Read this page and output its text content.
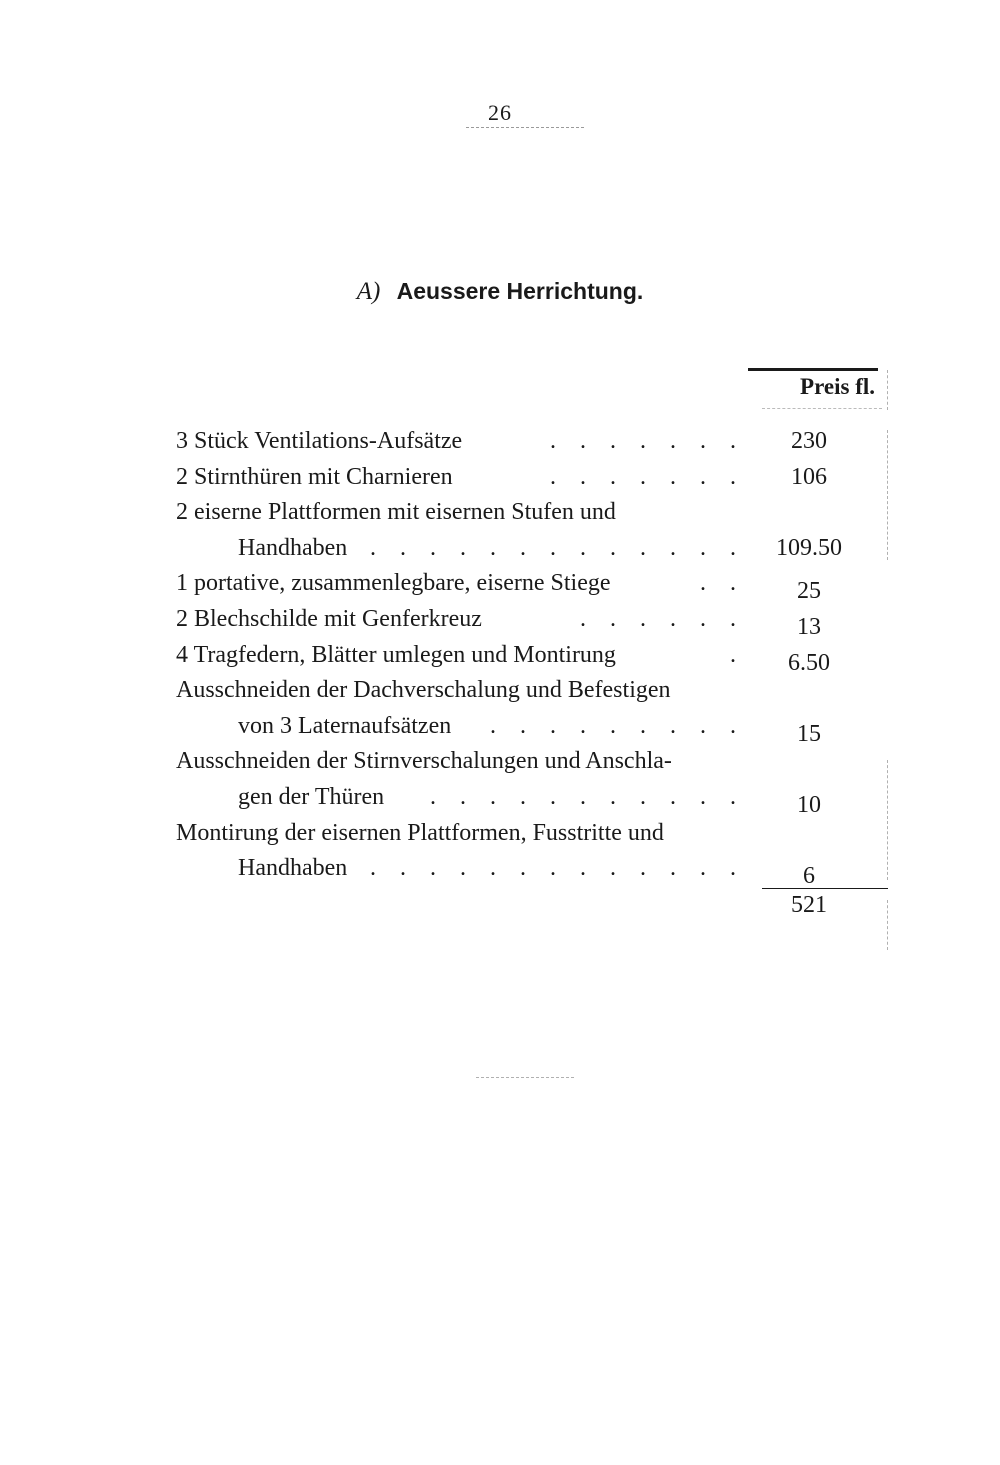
26
A) Aeussere Herrichtung.
Preis fl.
3 Stück Ventilations-Aufsätze	. . . . . . .	230
2 Stirnthüren mit Charnieren	. . . . . . .	106
2 eiserne Plattformen mit eisernen Stufen und
Handhaben . . . . . . . . . . . . . 109.50
1 portative, zusammenlegbare, eiserne Stiege	. .	25
2 Blechschilde mit Genferkreuz	. . . . . .	13
4 Tragfedern, Blätter umlegen und Montirung	.	6.50
Ausschneiden der Dachverschalung und Befestigen
von 3 Laternaufsätzen . . . . . . . . .	15
Ausschneiden der Stirnverschalungen und Anschla-
gen der Thüren . . . . . . . . . . .	10
Montirung der eisernen Plattformen, Fusstritte und
Handhaben . . . . . . . . . . . . .	6
521
